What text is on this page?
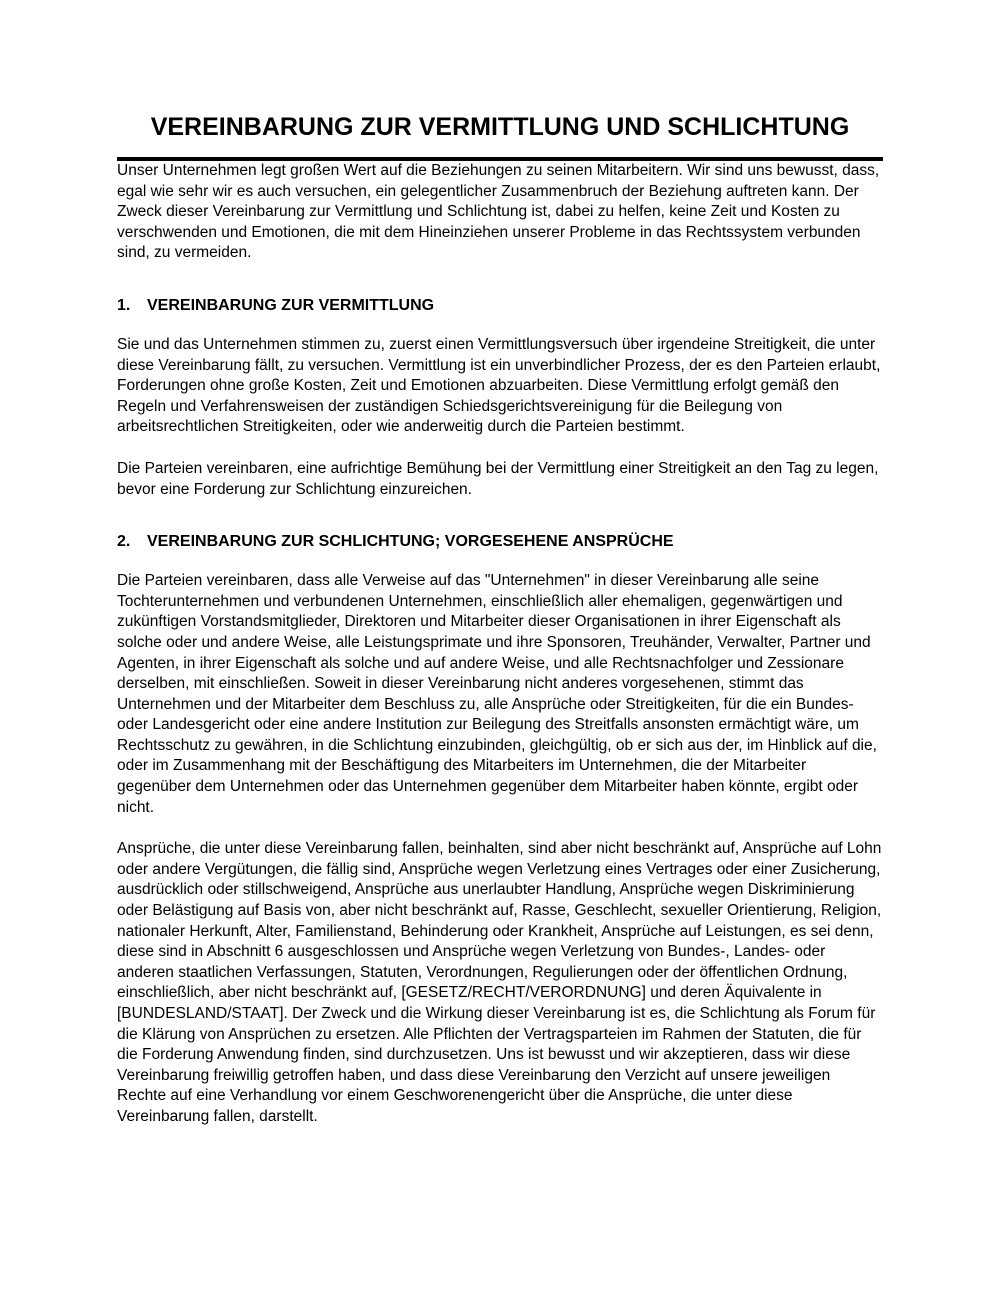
VEREINBARUNG ZUR VERMITTLUNG UND SCHLICHTUNG

Unser Unternehmen legt großen Wert auf die Beziehungen zu seinen Mitarbeitern. Wir sind uns bewusst, dass, egal wie sehr wir es auch versuchen, ein gelegentlicher Zusammenbruch der Beziehung auftreten kann. Der Zweck dieser Vereinbarung zur Vermittlung und Schlichtung ist, dabei zu helfen, keine Zeit und Kosten zu verschwenden und Emotionen, die mit dem Hineinziehen unserer Probleme in das Rechtssystem verbunden sind, zu vermeiden.

1.	VEREINBARUNG ZUR VERMITTLUNG

Sie und das Unternehmen stimmen zu, zuerst einen Vermittlungsversuch über irgendeine Streitigkeit, die unter diese Vereinbarung fällt, zu versuchen. Vermittlung ist ein unverbindlicher Prozess, der es den Parteien erlaubt, Forderungen ohne große Kosten, Zeit und Emotionen abzuarbeiten. Diese Vermittlung erfolgt gemäß den Regeln und Verfahrensweisen der zuständigen Schiedsgerichtsvereinigung für die Beilegung von arbeitsrechtlichen Streitigkeiten, oder wie anderweitig durch die Parteien bestimmt.

Die Parteien vereinbaren, eine aufrichtige Bemühung bei der Vermittlung einer Streitigkeit an den Tag zu legen, bevor eine Forderung zur Schlichtung einzureichen.

2.	VEREINBARUNG ZUR SCHLICHTUNG; VORGESEHENE ANSPRÜCHE

Die Parteien vereinbaren, dass alle Verweise auf das "Unternehmen" in dieser Vereinbarung alle seine Tochterunternehmen und verbundenen Unternehmen, einschließlich aller ehemaligen, gegenwärtigen und zukünftigen Vorstandsmitglieder, Direktoren und Mitarbeiter dieser Organisationen in ihrer Eigenschaft als solche oder und andere Weise, alle Leistungsprimate und ihre Sponsoren, Treuhänder, Verwalter, Partner und Agenten, in ihrer Eigenschaft als solche und auf andere Weise, und alle Rechtsnachfolger und Zessionare derselben, mit einschließen. Soweit in dieser Vereinbarung nicht anderes vorgesehenen, stimmt das Unternehmen und der Mitarbeiter dem Beschluss zu, alle Ansprüche oder Streitigkeiten, für die ein Bundes- oder Landesgericht oder eine andere Institution zur Beilegung des Streitfalls ansonsten ermächtigt wäre, um Rechtsschutz zu gewähren, in die Schlichtung einzubinden, gleichgültig, ob er sich aus der, im Hinblick auf die, oder im Zusammenhang mit der Beschäftigung des Mitarbeiters im Unternehmen, die der Mitarbeiter gegenüber dem Unternehmen oder das Unternehmen gegenüber dem Mitarbeiter haben könnte, ergibt oder nicht.

Ansprüche, die unter diese Vereinbarung fallen, beinhalten, sind aber nicht beschränkt auf, Ansprüche auf Lohn oder andere Vergütungen, die fällig sind, Ansprüche wegen Verletzung eines Vertrages oder einer Zusicherung, ausdrücklich oder stillschweigend, Ansprüche aus unerlaubter Handlung, Ansprüche wegen Diskriminierung oder Belästigung auf Basis von, aber nicht beschränkt auf, Rasse, Geschlecht, sexueller Orientierung, Religion, nationaler Herkunft, Alter, Familienstand, Behinderung oder Krankheit, Ansprüche auf Leistungen, es sei denn, diese sind in Abschnitt 6 ausgeschlossen und Ansprüche wegen Verletzung von Bundes-, Landes- oder anderen staatlichen Verfassungen, Statuten, Verordnungen, Regulierungen oder der öffentlichen Ordnung, einschließlich, aber nicht beschränkt auf, [GESETZ/RECHT/VERORDNUNG] und deren Äquivalente in [BUNDESLAND/STAAT]. Der Zweck und die Wirkung dieser Vereinbarung ist es, die Schlichtung als Forum für die Klärung von Ansprüchen zu ersetzen. Alle Pflichten der Vertragsparteien im Rahmen der Statuten, die für die Forderung Anwendung finden, sind durchzusetzen. Uns ist bewusst und wir akzeptieren, dass wir diese Vereinbarung freiwillig getroffen haben, und dass diese Vereinbarung den Verzicht auf unsere jeweiligen Rechte auf eine Verhandlung vor einem Geschworenengericht über die Ansprüche, die unter diese Vereinbarung fallen, darstellt.
